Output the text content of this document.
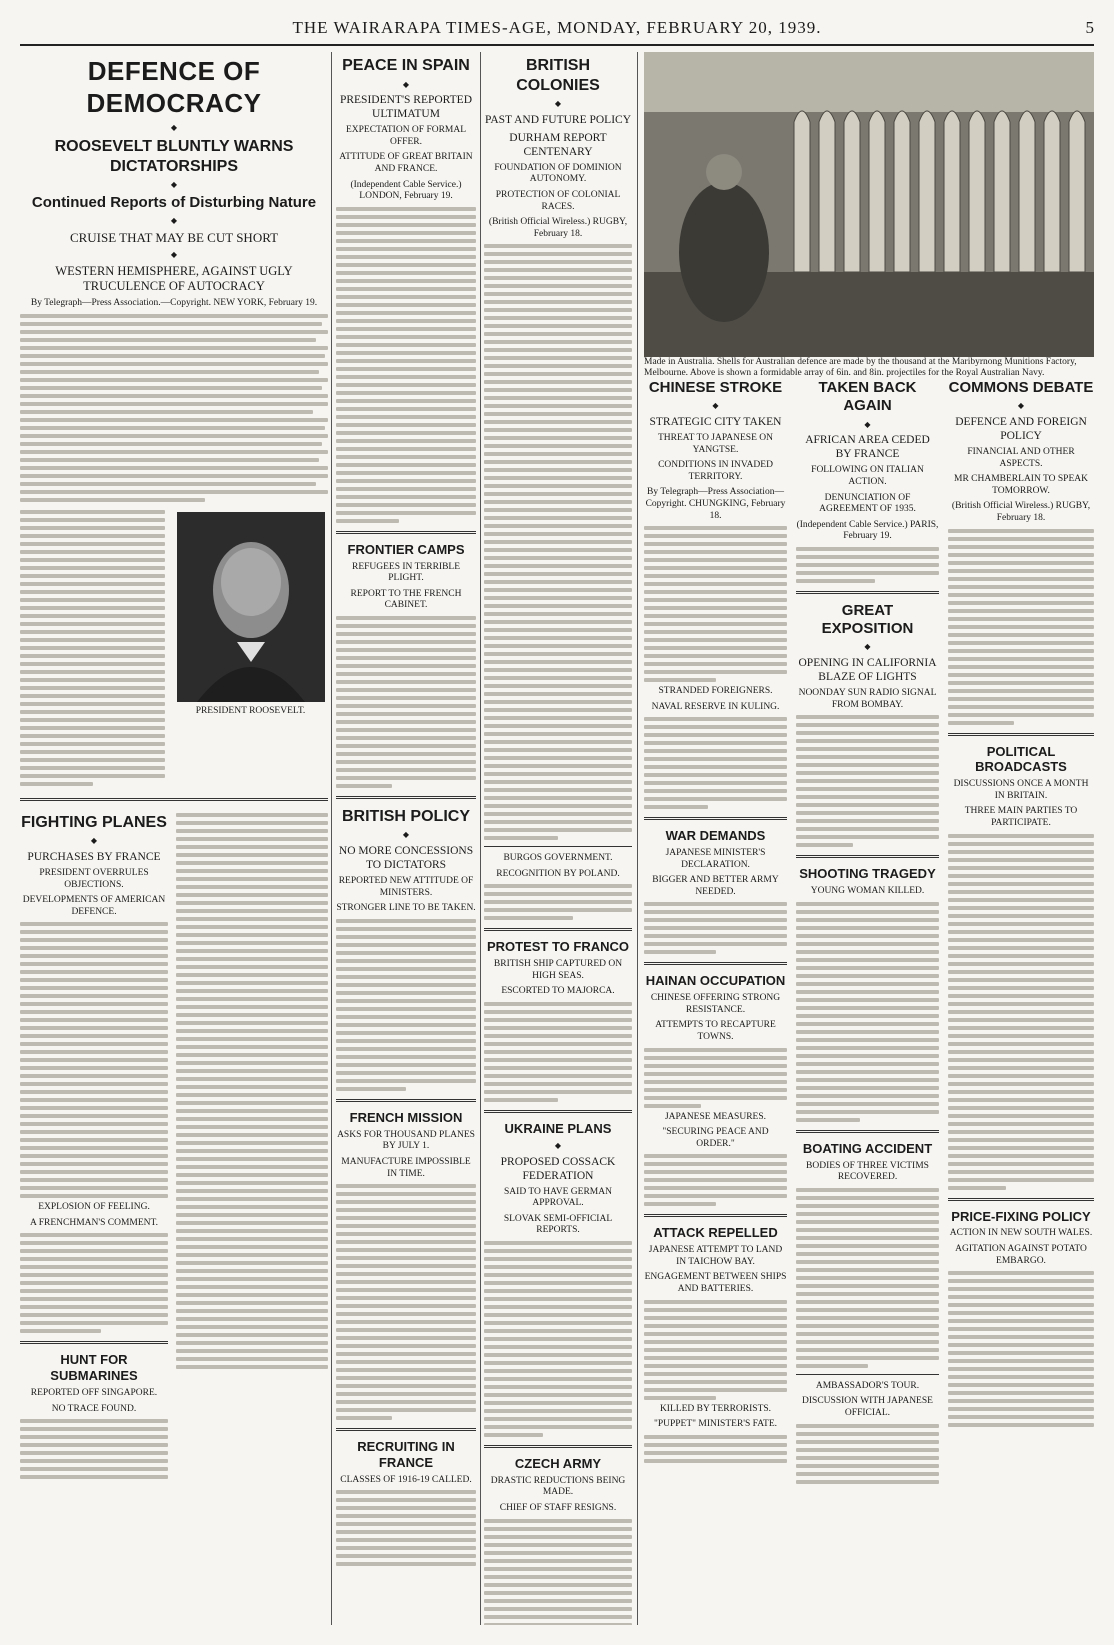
THE WAIRARAPA TIMES-AGE, MONDAY, FEBRUARY 20, 1939.	5
DEFENCE OF DEMOCRACY
◆
ROOSEVELT BLUNTLY WARNS DICTATORSHIPS
◆
Continued Reports of Disturbing Nature
◆
CRUISE THAT MAY BE CUT SHORT
◆
WESTERN HEMISPHERE, AGAINST UGLY TRUCULENCE OF AUTOCRACY
By Telegraph—Press Association.—Copyright. NEW YORK, February 19.
PRESIDENT ROOSEVELT.
FIGHTING PLANES
◆
PURCHASES BY FRANCE
PRESIDENT OVERRULES OBJECTIONS.
DEVELOPMENTS OF AMERICAN DEFENCE.
EXPLOSION OF FEELING.
A FRENCHMAN'S COMMENT.
HUNT FOR SUBMARINES
REPORTED OFF SINGAPORE.
NO TRACE FOUND.
PEACE IN SPAIN
◆
PRESIDENT'S REPORTED ULTIMATUM
EXPECTATION OF FORMAL OFFER.
ATTITUDE OF GREAT BRITAIN AND FRANCE.
(Independent Cable Service.) LONDON, February 19.
FRONTIER CAMPS
REFUGEES IN TERRIBLE PLIGHT.
REPORT TO THE FRENCH CABINET.
BRITISH POLICY
◆
NO MORE CONCESSIONS TO DICTATORS
REPORTED NEW ATTITUDE OF MINISTERS.
STRONGER LINE TO BE TAKEN.
FRENCH MISSION
ASKS FOR THOUSAND PLANES BY JULY 1.
MANUFACTURE IMPOSSIBLE IN TIME.
RECRUITING IN FRANCE
CLASSES OF 1916-19 CALLED.
BRITISH COLONIES
◆
PAST AND FUTURE POLICY
DURHAM REPORT CENTENARY
FOUNDATION OF DOMINION AUTONOMY.
PROTECTION OF COLONIAL RACES.
(British Official Wireless.) RUGBY, February 18.
BURGOS GOVERNMENT.
RECOGNITION BY POLAND.
PROTEST TO FRANCO
BRITISH SHIP CAPTURED ON HIGH SEAS.
ESCORTED TO MAJORCA.
UKRAINE PLANS
◆
PROPOSED COSSACK FEDERATION
SAID TO HAVE GERMAN APPROVAL.
SLOVAK SEMI-OFFICIAL REPORTS.
CZECH ARMY
DRASTIC REDUCTIONS BEING MADE.
CHIEF OF STAFF RESIGNS.
Made in Australia. Shells for Australian defence are made by the thousand at the Maribyrnong Munitions Factory, Melbourne. Above is shown a formidable array of 6in. and 8in. projectiles for the Royal Australian Navy.
CHINESE STROKE
◆
STRATEGIC CITY TAKEN
THREAT TO JAPANESE ON YANGTSE.
CONDITIONS IN INVADED TERRITORY.
By Telegraph—Press Association—Copyright. CHUNGKING, February 18.
STRANDED FOREIGNERS.
NAVAL RESERVE IN KULING.
WAR DEMANDS
JAPANESE MINISTER'S DECLARATION.
BIGGER AND BETTER ARMY NEEDED.
HAINAN OCCUPATION
CHINESE OFFERING STRONG RESISTANCE.
ATTEMPTS TO RECAPTURE TOWNS.
JAPANESE MEASURES.
"SECURING PEACE AND ORDER."
ATTACK REPELLED
JAPANESE ATTEMPT TO LAND IN TAICHOW BAY.
ENGAGEMENT BETWEEN SHIPS AND BATTERIES.
KILLED BY TERRORISTS.
"PUPPET" MINISTER'S FATE.
TAKEN BACK AGAIN
◆
AFRICAN AREA CEDED BY FRANCE
FOLLOWING ON ITALIAN ACTION.
DENUNCIATION OF AGREEMENT OF 1935.
(Independent Cable Service.) PARIS, February 19.
GREAT EXPOSITION
◆
OPENING IN CALIFORNIA BLAZE OF LIGHTS
NOONDAY SUN RADIO SIGNAL FROM BOMBAY.
SHOOTING TRAGEDY
YOUNG WOMAN KILLED.
BOATING ACCIDENT
BODIES OF THREE VICTIMS RECOVERED.
AMBASSADOR'S TOUR.
DISCUSSION WITH JAPANESE OFFICIAL.
COMMONS DEBATE
◆
DEFENCE AND FOREIGN POLICY
FINANCIAL AND OTHER ASPECTS.
MR CHAMBERLAIN TO SPEAK TOMORROW.
(British Official Wireless.) RUGBY, February 18.
POLITICAL BROADCASTS
DISCUSSIONS ONCE A MONTH IN BRITAIN.
THREE MAIN PARTIES TO PARTICIPATE.
PRICE-FIXING POLICY
ACTION IN NEW SOUTH WALES.
AGITATION AGAINST POTATO EMBARGO.
